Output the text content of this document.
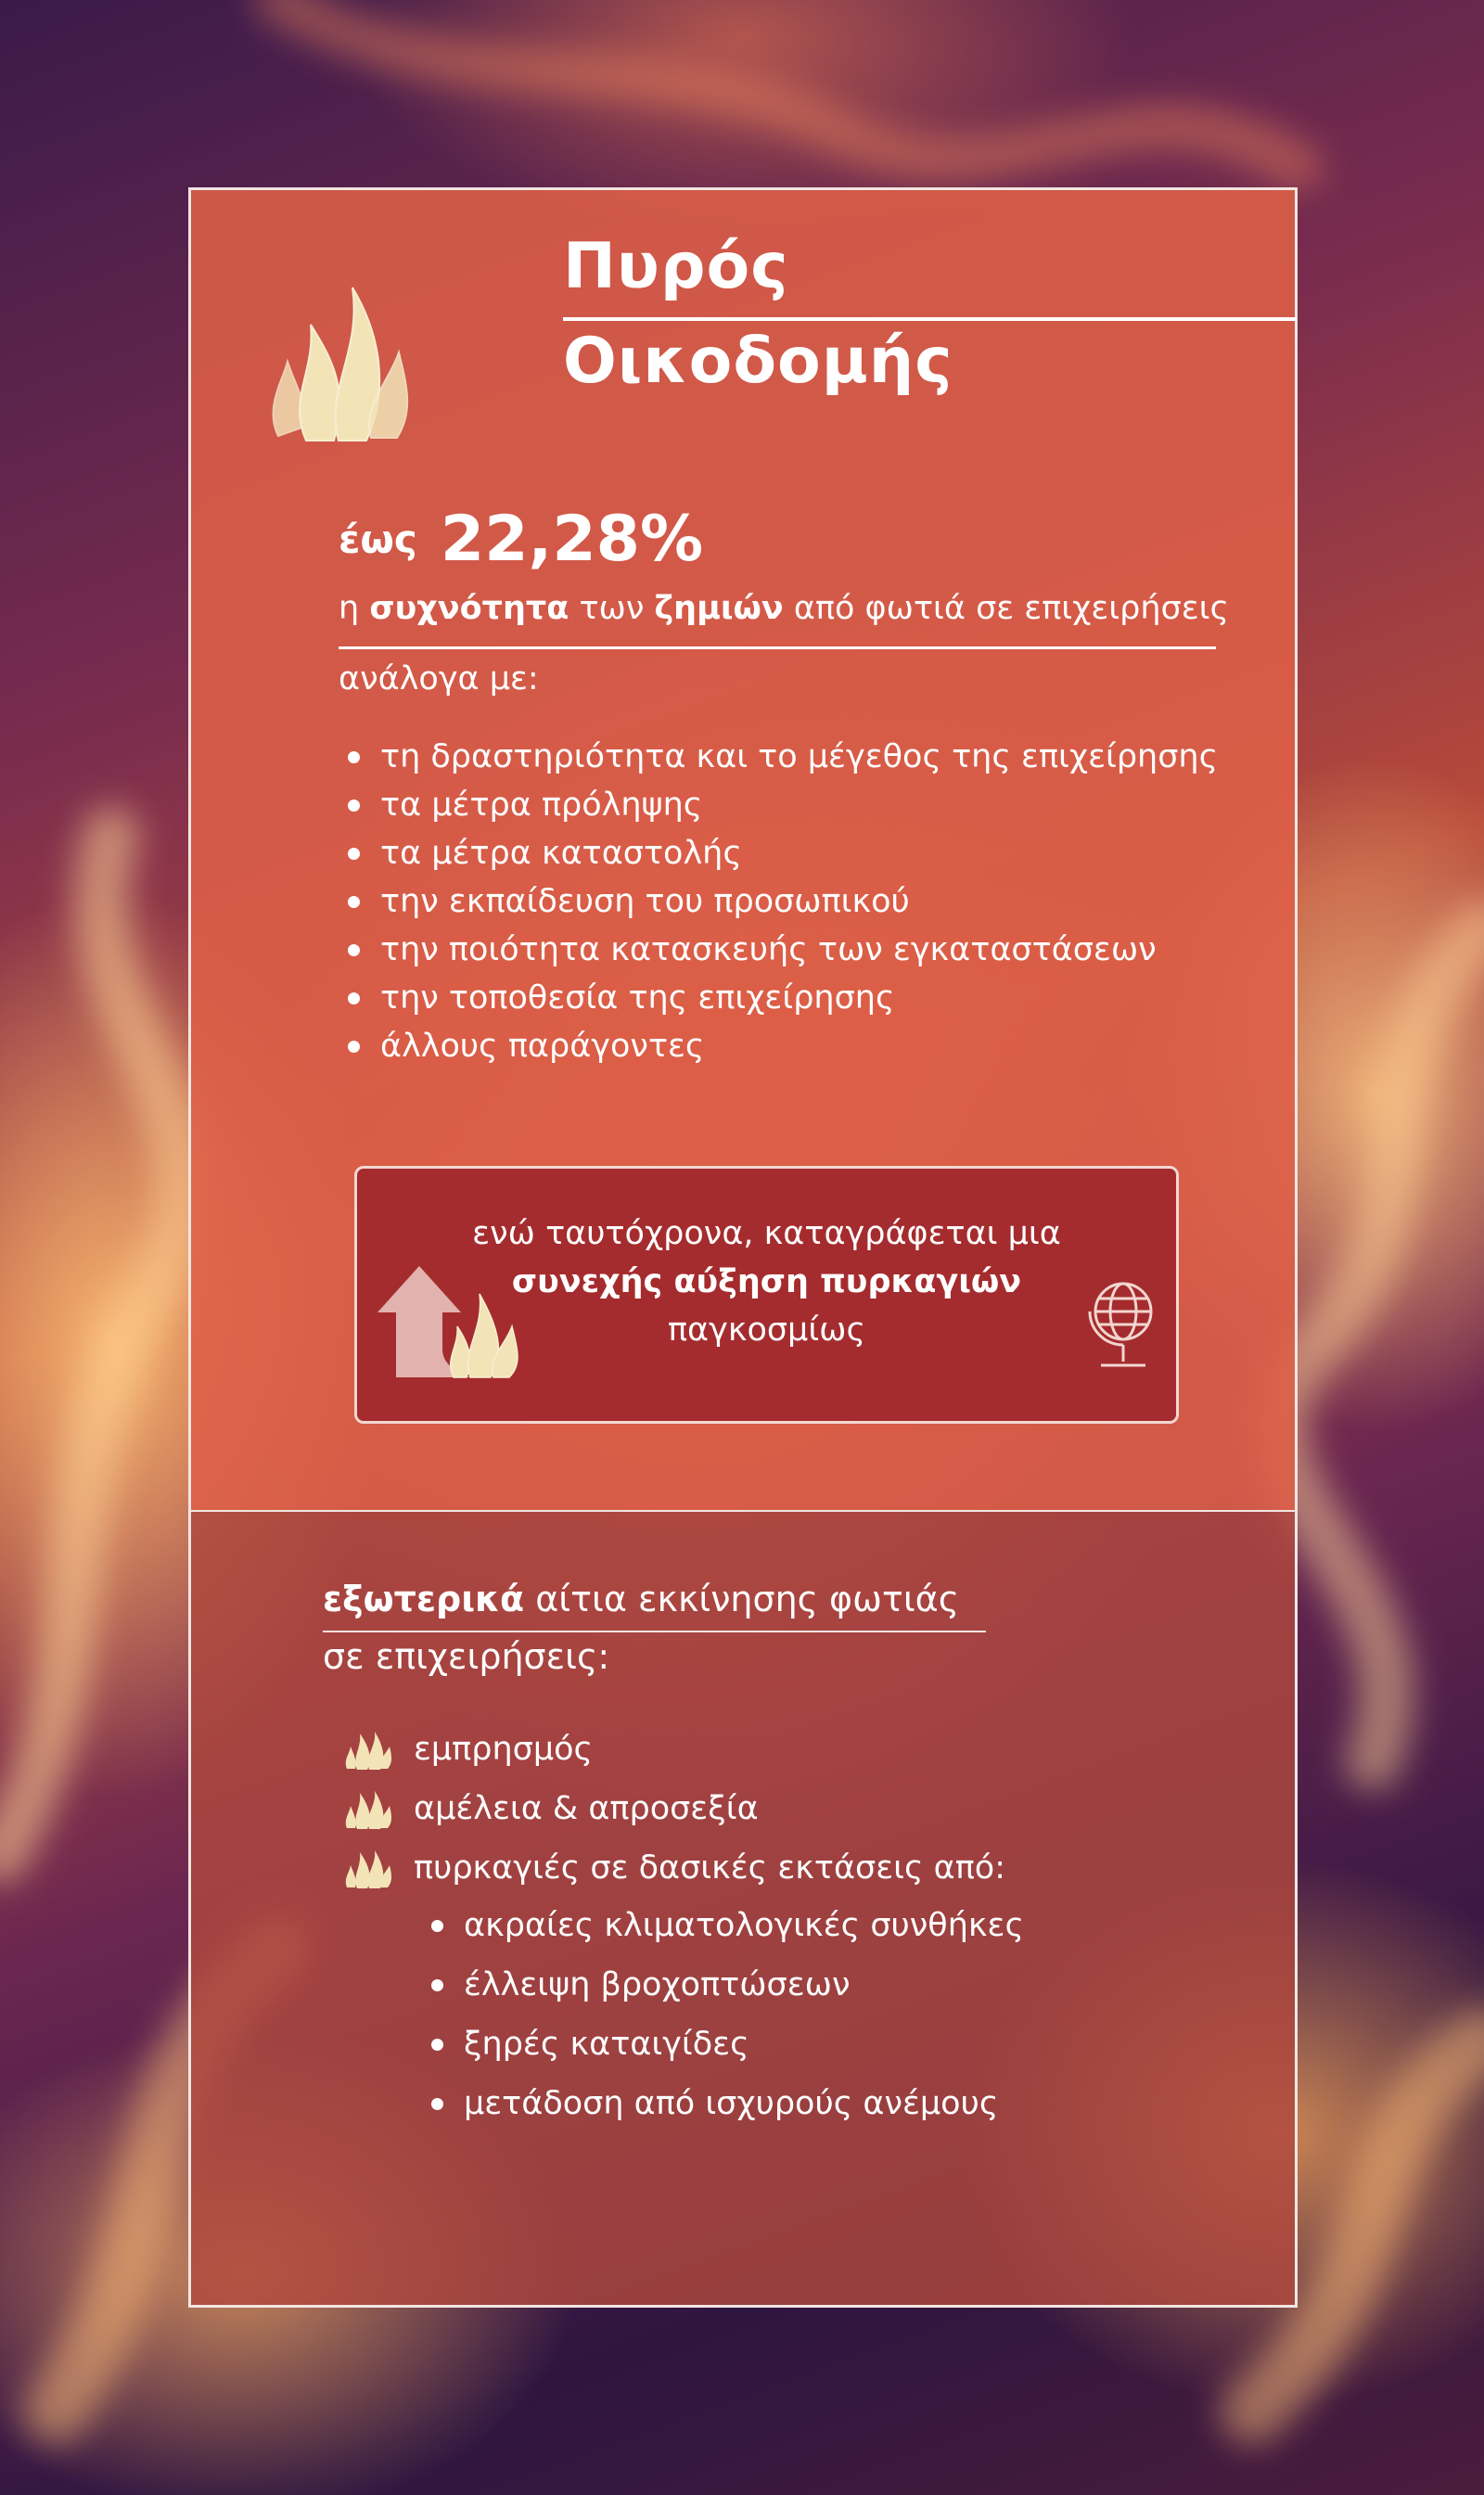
Πυρός
Οικοδομής
έως 22,28%
η συχνότητα των ζημιών από φωτιά σε επιχειρήσεις
ανάλογα με:
τη δραστηριότητα και το μέγεθος της επιχείρησης
τα μέτρα πρόληψης
τα μέτρα καταστολής
την εκπαίδευση του προσωπικού
την ποιότητα κατασκευής των εγκαταστάσεων
την τοποθεσία της επιχείρησης
άλλους παράγοντες
ενώ ταυτόχρονα, καταγράφεται μια
συνεχής αύξηση πυρκαγιών
παγκοσμίως
εξωτερικά αίτια εκκίνησης φωτιάς
σε επιχειρήσεις:
εμπρησμός
αμέλεια & απροσεξία
πυρκαγιές σε δασικές εκτάσεις από:
ακραίες κλιματολογικές συνθήκες
έλλειψη βροχοπτώσεων
ξηρές καταιγίδες
μετάδοση από ισχυρούς ανέμους
